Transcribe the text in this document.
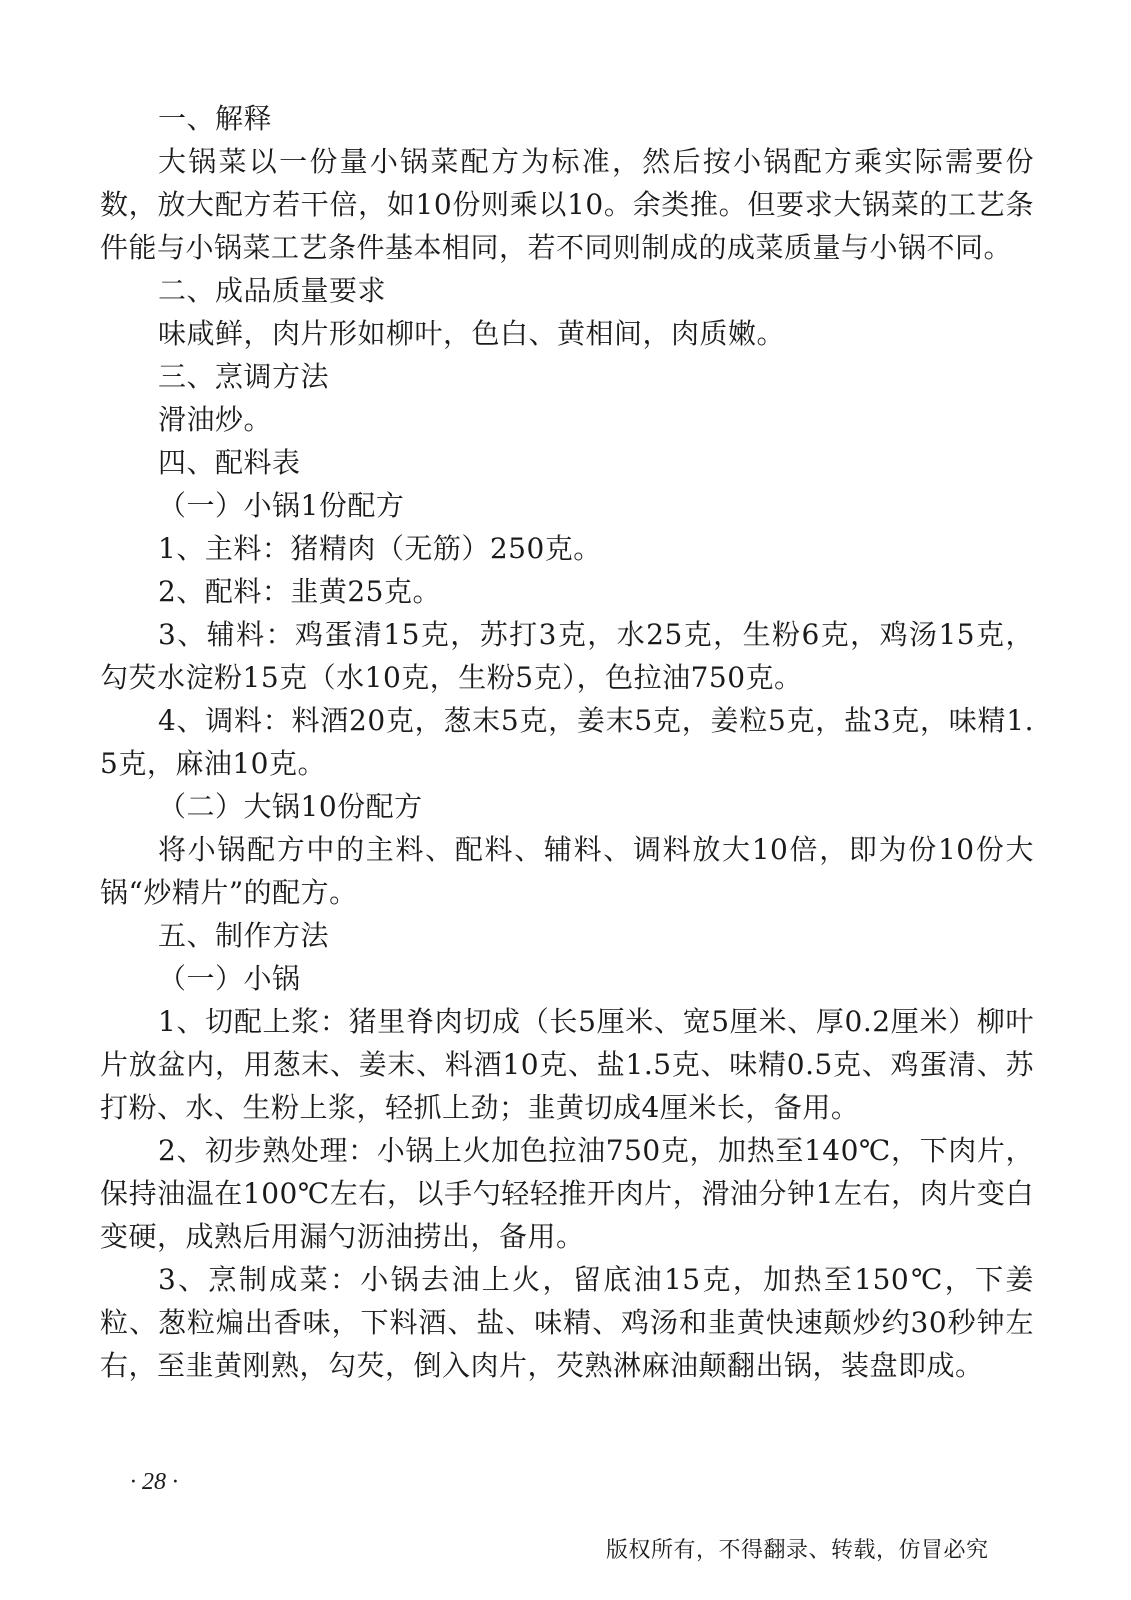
一、解释

大锅菜以一份量小锅菜配方为标准，然后按小锅配方乘实际需要份数，放大配方若干倍，如10份则乘以10。余类推。但要求大锅菜的工艺条件能与小锅菜工艺条件基本相同，若不同则制成的成菜质量与小锅不同。

二、成品质量要求

味咸鲜，肉片形如柳叶，色白、黄相间，肉质嫩。

三、烹调方法

滑油炒。

四、配料表

（一）小锅1份配方

1、主料：猪精肉（无筋）250克。

2、配料：韭黄25克。

3、辅料：鸡蛋清15克，苏打3克，水25克，生粉6克，鸡汤15克，勾芡水淀粉15克（水10克，生粉5克），色拉油750克。

4、调料：料酒20克，葱末5克，姜末5克，姜粒5克，盐3克，味精1.5克，麻油10克。

（二）大锅10份配方

将小锅配方中的主料、配料、辅料、调料放大10倍，即为份10份大锅“炒精片”的配方。

五、制作方法

（一）小锅

1、切配上浆：猪里脊肉切成（长5厘米、宽5厘米、厚0.2厘米）柳叶片放盆内，用葱末、姜末、料酒10克、盐1.5克、味精0.5克、鸡蛋清、苏打粉、水、生粉上浆，轻抓上劲；韭黄切成4厘米长，备用。

2、初步熟处理：小锅上火加色拉油750克，加热至140℃，下肉片，保持油温在100℃左右，以手勺轻轻推开肉片，滑油分钟1左右，肉片变白变硬，成熟后用漏勺沥油捞出，备用。

3、烹制成菜：小锅去油上火，留底油15克，加热至150℃，下姜粒、葱粒煸出香味，下料酒、盐、味精、鸡汤和韭黄快速颠炒约30秒钟左右，至韭黄刚熟，勾芡，倒入肉片，芡熟淋麻油颠翻出锅，装盘即成。

· 28 ·
版权所有，不得翻录、转载，仿冒必究
